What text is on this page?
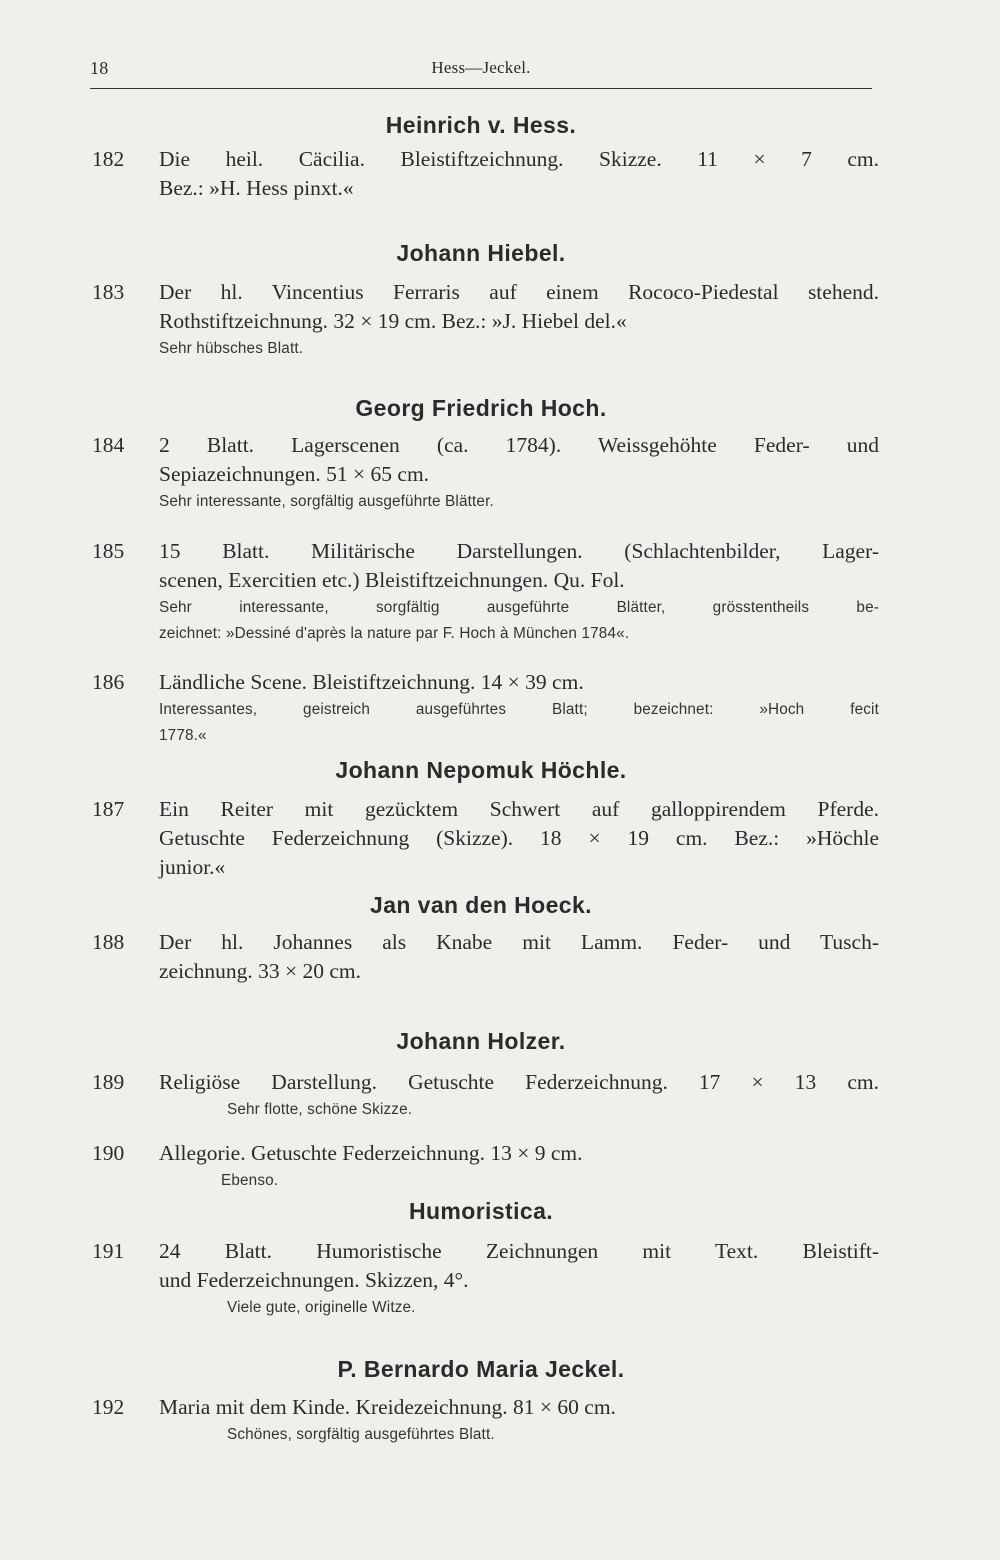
18	Hess—Jeckel.
Heinrich v. Hess.
182	Die heil. Cäcilia. Bleistiftzeichnung. Skizze. 11 × 7 cm.
Bez.: »H. Hess pinxt.«
Johann Hiebel.
183	Der hl. Vincentius Ferraris auf einem Rococo-Piedestal stehend.
Rothstiftzeichnung. 32 × 19 cm. Bez.: »J. Hiebel del.«
Sehr hübsches Blatt.
Georg Friedrich Hoch.
184	2 Blatt. Lagerscenen (ca. 1784). Weissgehöhte Feder- und
Sepiazeichnungen. 51 × 65 cm.
Sehr interessante, sorgfältig ausgeführte Blätter.
185	15 Blatt. Militärische Darstellungen. (Schlachtenbilder, Lager-
scenen, Exercitien etc.) Bleistiftzeichnungen. Qu. Fol.
Sehr interessante, sorgfältig ausgeführte Blätter, grösstentheils be-
zeichnet: »Dessiné d'après la nature par F. Hoch à München 1784«.
186	Ländliche Scene. Bleistiftzeichnung. 14 × 39 cm.
Interessantes, geistreich ausgeführtes Blatt; bezeichnet: »Hoch fecit
1778.«
Johann Nepomuk Höchle.
187	Ein Reiter mit gezücktem Schwert auf galloppirendem Pferde.
Getuschte Federzeichnung (Skizze). 18 × 19 cm. Bez.: »Höchle
junior.«
Jan van den Hoeck.
188	Der hl. Johannes als Knabe mit Lamm. Feder- und Tusch-
zeichnung. 33 × 20 cm.
Johann Holzer.
189	Religiöse Darstellung. Getuschte Federzeichnung. 17 × 13 cm.
Sehr flotte, schöne Skizze.
190	Allegorie. Getuschte Federzeichnung. 13 × 9 cm.
Ebenso.
Humoristica.
191	24 Blatt. Humoristische Zeichnungen mit Text. Bleistift-
und Federzeichnungen. Skizzen, 4°.
Viele gute, originelle Witze.
P. Bernardo Maria Jeckel.
192	Maria mit dem Kinde. Kreidezeichnung. 81 × 60 cm.
Schönes, sorgfältig ausgeführtes Blatt.
